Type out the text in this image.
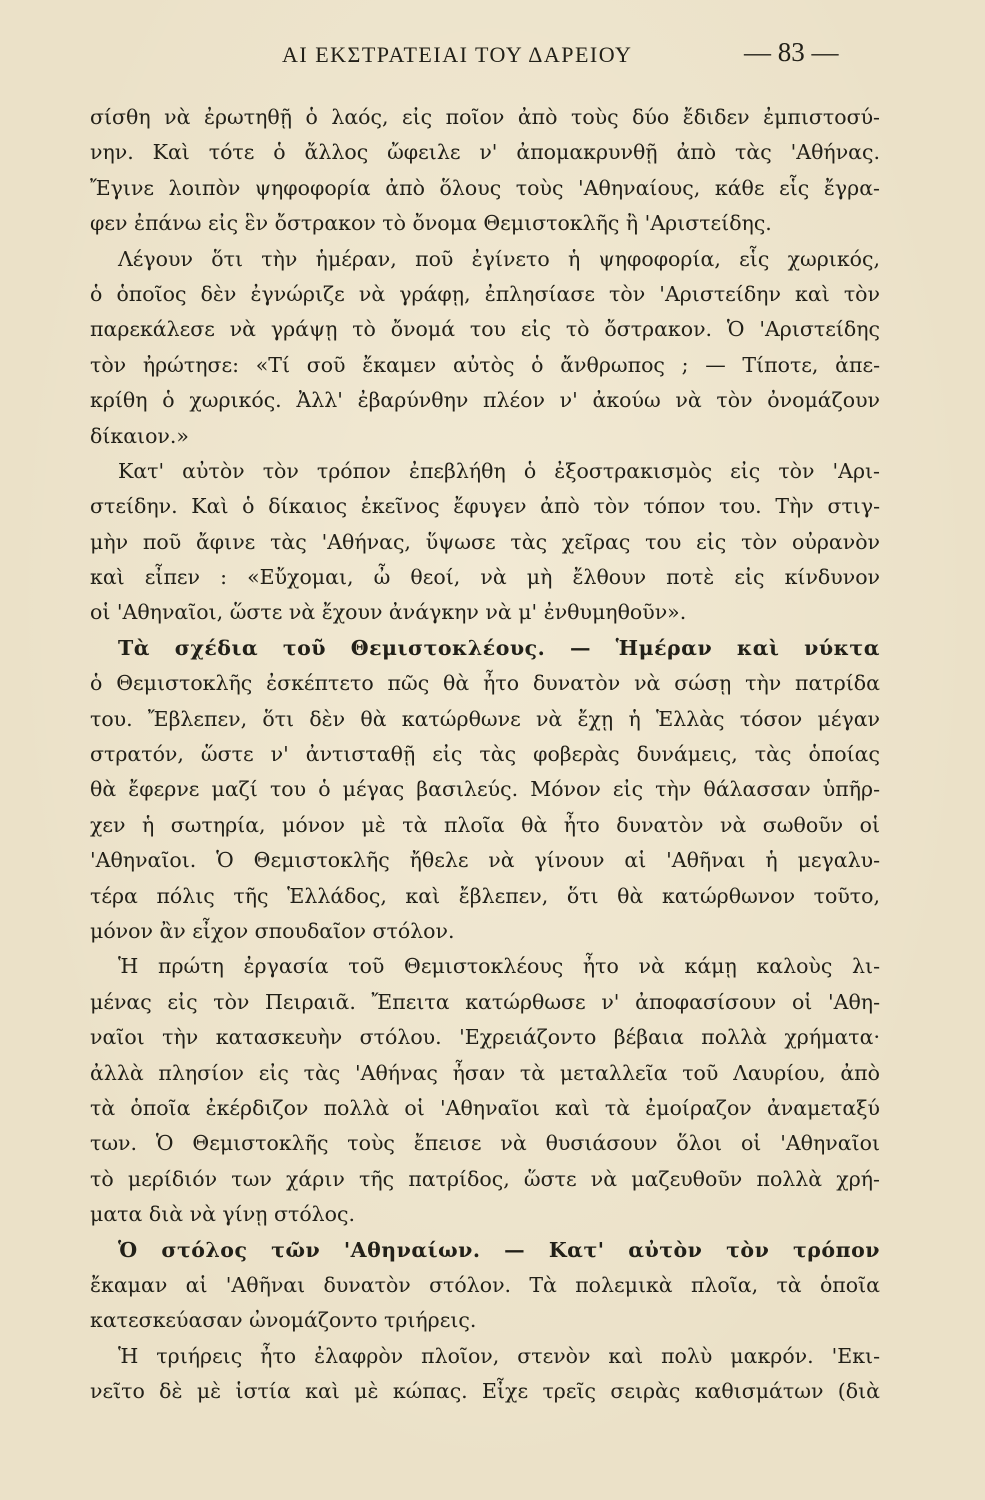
ΑΙ ΕΚΣΤΡΑΤΕΙΑΙ ΤΟΥ ΔΑΡΕΙΟΥ	— 83 —
σίσθη νὰ ἐρωτηθῇ ὁ λαός, εἰς ποῖον ἀπὸ τοὺς δύο ἔδιδεν ἐμπιστοσύ-
νην. Καὶ τότε ὁ ἄλλος ὤφειλε ν' ἀπομακρυνθῇ ἀπὸ τὰς 'Αθήνας.
Ἔγινε λοιπὸν ψηφοφορία ἀπὸ ὅλους τοὺς 'Αθηναίους, κάθε εἷς ἔγρα-
φεν ἐπάνω εἰς ἓν ὄστρακον τὸ ὄνομα Θεμιστοκλῆς ἢ 'Αριστείδης.
Λέγουν ὅτι τὴν ἡμέραν, ποῦ ἐγίνετο ἡ ψηφοφορία, εἷς χωρικός,
ὁ ὁποῖος δὲν ἐγνώριζε νὰ γράφῃ, ἐπλησίασε τὸν 'Αριστείδην καὶ τὸν
παρεκάλεσε νὰ γράψῃ τὸ ὄνομά του εἰς τὸ ὄστρακον. Ὁ 'Αριστείδης
τὸν ἠρώτησε: «Τί σοῦ ἔκαμεν αὐτὸς ὁ ἄνθρωπος ; — Τίποτε, ἀπε-
κρίθη ὁ χωρικός. Ἀλλ' ἐβαρύνθην πλέον ν' ἀκούω νὰ τὸν ὀνομάζουν
δίκαιον.»
Κατ' αὐτὸν τὸν τρόπον ἐπεβλήθη ὁ ἐξοστρακισμὸς εἰς τὸν 'Αρι-
στείδην. Καὶ ὁ δίκαιος ἐκεῖνος ἔφυγεν ἀπὸ τὸν τόπον του. Τὴν στιγ-
μὴν ποῦ ἄφινε τὰς 'Αθήνας, ὕψωσε τὰς χεῖρας του εἰς τὸν οὐρανὸν
καὶ εἶπεν : «Εὔχομαι, ὦ θεοί, νὰ μὴ ἔλθουν ποτὲ εἰς κίνδυνον
οἱ 'Αθηναῖοι, ὥστε νὰ ἔχουν ἀνάγκην νὰ μ' ἐνθυμηθοῦν».
Τὰ σχέδια τοῦ Θεμιστοκλέους. — Ἡμέραν καὶ νύκτα
ὁ Θεμιστοκλῆς ἐσκέπτετο πῶς θὰ ἦτο δυνατὸν νὰ σώσῃ τὴν πατρίδα
του. Ἔβλεπεν, ὅτι δὲν θὰ κατώρθωνε νὰ ἔχῃ ἡ Ἑλλὰς τόσον μέγαν
στρατόν, ὥστε ν' ἀντισταθῇ εἰς τὰς φοβερὰς δυνάμεις, τὰς ὁποίας
θὰ ἔφερνε μαζί του ὁ μέγας βασιλεύς. Μόνον εἰς τὴν θάλασσαν ὑπῆρ-
χεν ἡ σωτηρία, μόνον μὲ τὰ πλοῖα θὰ ἦτο δυνατὸν νὰ σωθοῦν οἱ
'Αθηναῖοι. Ὁ Θεμιστοκλῆς ἤθελε νὰ γίνουν αἱ 'Αθῆναι ἡ μεγαλυ-
τέρα πόλις τῆς Ἑλλάδος, καὶ ἔβλεπεν, ὅτι θὰ κατώρθωνον τοῦτο,
μόνον ἂν εἶχον σπουδαῖον στόλον.
Ἡ πρώτη ἐργασία τοῦ Θεμιστοκλέους ἦτο νὰ κάμῃ καλοὺς λι-
μένας εἰς τὸν Πειραιᾶ. Ἔπειτα κατώρθωσε ν' ἀποφασίσουν οἱ 'Αθη-
ναῖοι τὴν κατασκευὴν στόλου. 'Εχρειάζοντο βέβαια πολλὰ χρήματα·
ἀλλὰ πλησίον εἰς τὰς 'Αθήνας ἦσαν τὰ μεταλλεῖα τοῦ Λαυρίου, ἀπὸ
τὰ ὁποῖα ἐκέρδιζον πολλὰ οἱ 'Αθηναῖοι καὶ τὰ ἐμοίραζον ἀναμεταξύ
των. Ὁ Θεμιστοκλῆς τοὺς ἔπεισε νὰ θυσιάσουν ὅλοι οἱ 'Αθηναῖοι
τὸ μερίδιόν των χάριν τῆς πατρίδος, ὥστε νὰ μαζευθοῦν πολλὰ χρή-
ματα διὰ νὰ γίνῃ στόλος.
Ὁ στόλος τῶν 'Αθηναίων. — Κατ' αὐτὸν τὸν τρόπον
ἔκαμαν αἱ 'Αθῆναι δυνατὸν στόλον. Τὰ πολεμικὰ πλοῖα, τὰ ὁποῖα
κατεσκεύασαν ὠνομάζοντο τριήρεις.
Ἡ τριήρεις ἦτο ἐλαφρὸν πλοῖον, στενὸν καὶ πολὺ μακρόν. 'Εκι-
νεῖτο δὲ μὲ ἱστία καὶ μὲ κώπας. Εἶχε τρεῖς σειρὰς καθισμάτων (διὰ
